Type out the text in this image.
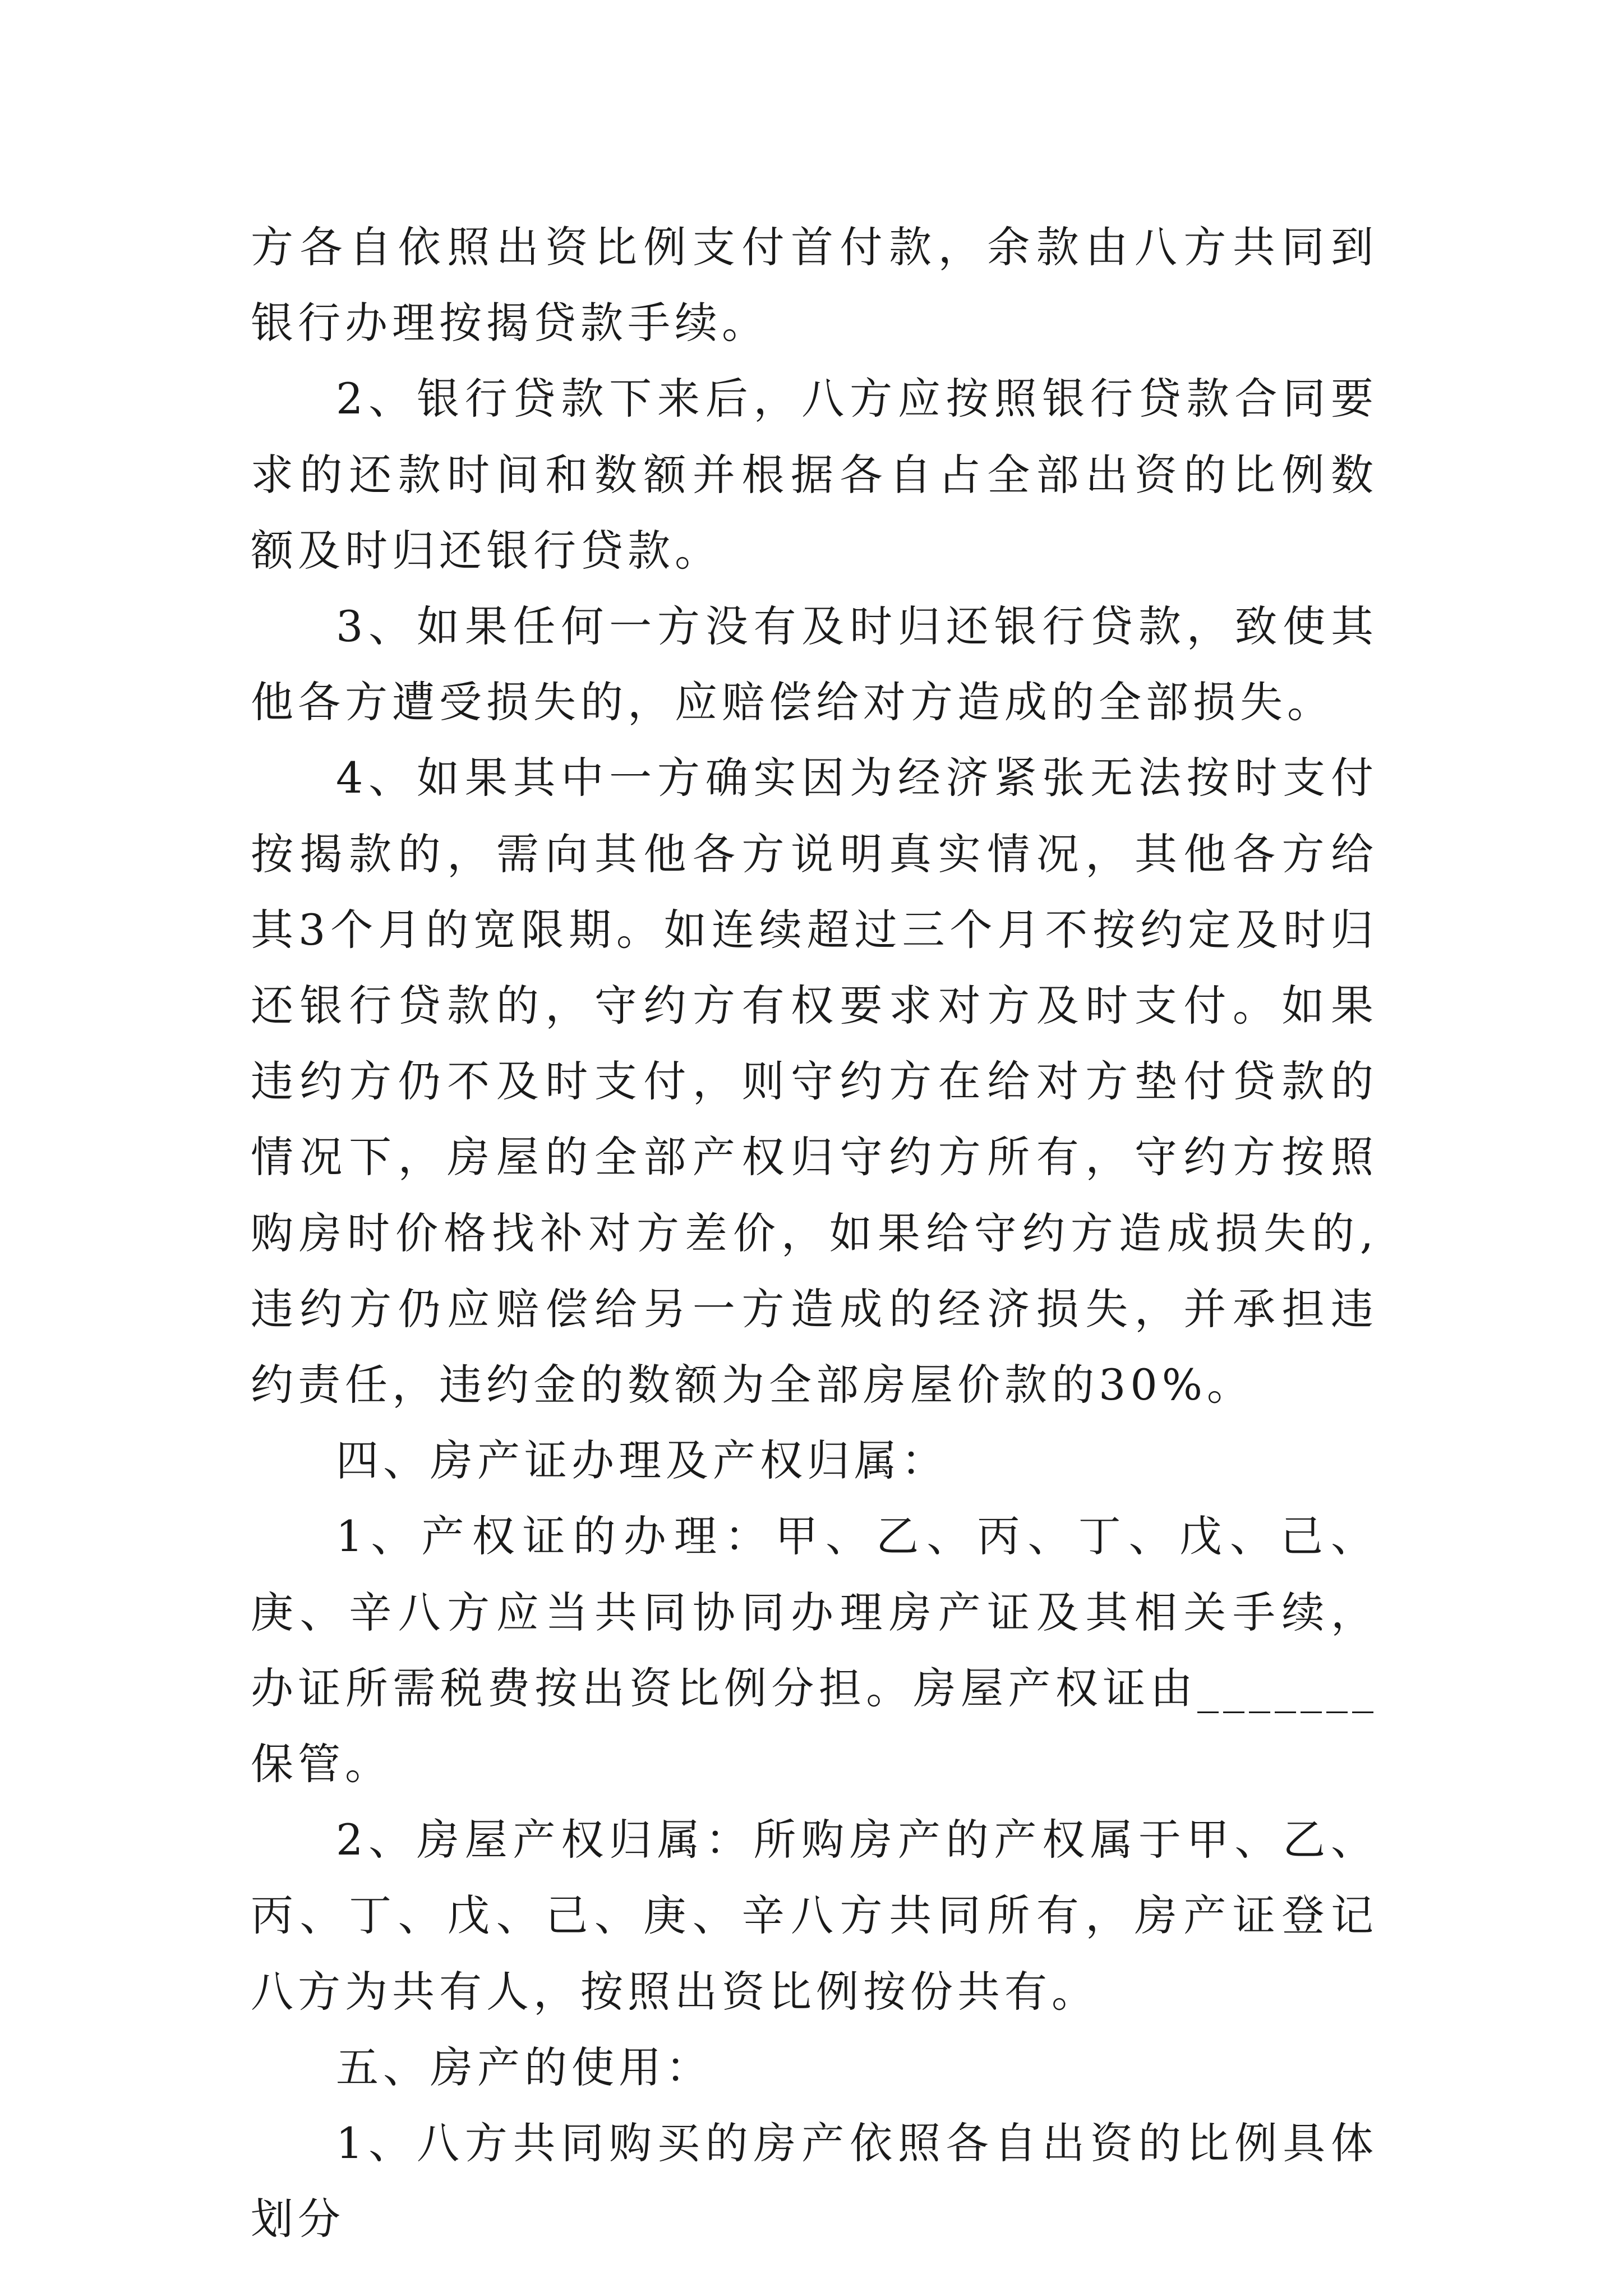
方各自依照出资比例支付首付款，余款由八方共同到银行办理按揭贷款手续。

2、银行贷款下来后，八方应按照银行贷款合同要求的还款时间和数额并根据各自占全部出资的比例数额及时归还银行贷款。

3、如果任何一方没有及时归还银行贷款，致使其他各方遭受损失的，应赔偿给对方造成的全部损失。

4、如果其中一方确实因为经济紧张无法按时支付按揭款的，需向其他各方说明真实情况，其他各方给其3个月的宽限期。如连续超过三个月不按约定及时归还银行贷款的，守约方有权要求对方及时支付。如果违约方仍不及时支付，则守约方在给对方垫付贷款的情况下，房屋的全部产权归守约方所有，守约方按照购房时价格找补对方差价，如果给守约方造成损失的,违约方仍应赔偿给另一方造成的经济损失，并承担违约责任，违约金的数额为全部房屋价款的30%。

四、房产证办理及产权归属：

1、产权证的办理：甲、乙、丙、丁、戊、己、庚、辛八方应当共同协同办理房产证及其相关手续，办证所需税费按出资比例分担。房屋产权证由_______保管。

2、房屋产权归属：所购房产的产权属于甲、乙、丙、丁、戊、己、庚、辛八方共同所有，房产证登记八方为共有人，按照出资比例按份共有。

五、房产的使用：

1、八方共同购买的房产依照各自出资的比例具体划分
